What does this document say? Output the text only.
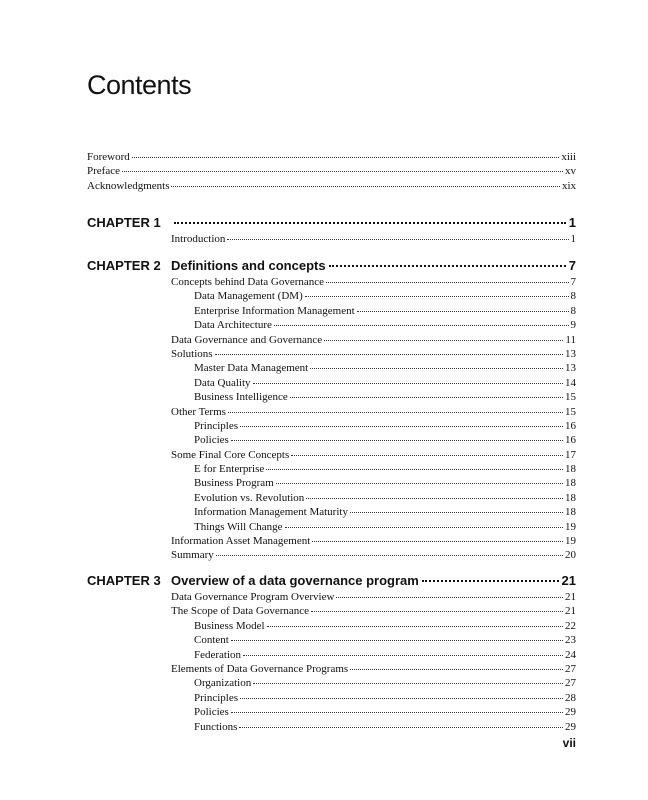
Contents
Foreword	xiii
Preface	xv
Acknowledgments	xix
CHAPTER 1	1
Introduction	1
CHAPTER 2 Definitions and concepts	7
Concepts behind Data Governance	7
Data Management (DM)	8
Enterprise Information Management	8
Data Architecture	9
Data Governance and Governance	11
Solutions	13
Master Data Management	13
Data Quality	14
Business Intelligence	15
Other Terms	15
Principles	16
Policies	16
Some Final Core Concepts	17
E for Enterprise	18
Business Program	18
Evolution vs. Revolution	18
Information Management Maturity	18
Things Will Change	19
Information Asset Management	19
Summary	20
CHAPTER 3 Overview of a data governance program	21
Data Governance Program Overview	21
The Scope of Data Governance	21
Business Model	22
Content	23
Federation	24
Elements of Data Governance Programs	27
Organization	27
Principles	28
Policies	29
Functions	29
vii
